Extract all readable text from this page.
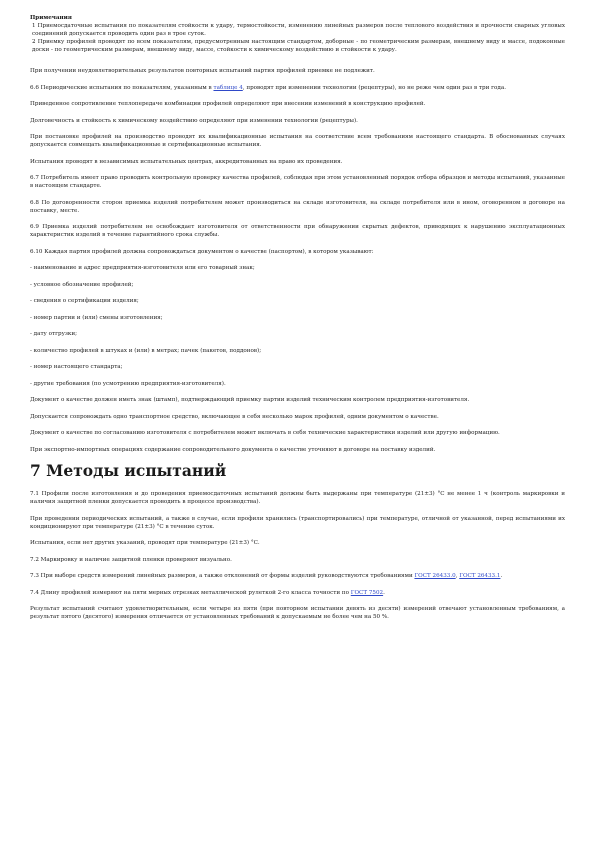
Примечания

1 Приемосдаточные испытания по показателям стойкости к удару, термостойкости, изменению линейных размеров после теплового воздействия и прочности сварных угловых соединений допускается проводить один раз в трое суток.

2 Приемку профилей проводят по всем показателям, предусмотренным настоящим стандартом, доборные - по геометрическим размерам, внешнему виду и массе, подоконные доски - по геометрическим размерам, внешнему виду, массе, стойкости к химическому воздействию и стойкости к удару.

При получении неудовлетворительных результатов повторных испытаний партия профилей приемке не подлежит.

6.6 Периодические испытания по показателям, указанным в таблице 4, проводят при изменении технологии (рецептуры), но не реже чем один раз в три года.

Приведенное сопротивление теплопередаче комбинации профилей определяют при внесении изменений в конструкцию профилей.

Долговечность и стойкость к химическому воздействию определяют при изменении технологии (рецептуры).

При постановке профилей на производство проводят их квалификационные испытания на соответствие всем требованиям настоящего стандарта. В обоснованных случаях допускается совмещать квалификационные и сертификационные испытания.

Испытания проводят в независимых испытательных центрах, аккредитованных на право их проведения.

6.7 Потребитель имеет право проводить контрольную проверку качества профилей, соблюдая при этом установленный порядок отбора образцов и методы испытаний, указанные в настоящем стандарте.

6.8 По договоренности сторон приемка изделий потребителем может производиться на складе изготовителя, на складе потребителя или в ином, оговоренном в договоре на поставку, месте.

6.9 Приемка изделий потребителем не освобождает изготовителя от ответственности при обнаружении скрытых дефектов, приводящих к нарушению эксплуатационных характеристик изделий в течение гарантийного срока службы.

6.10 Каждая партия профилей должна сопровождаться документом о качестве (паспортом), в котором указывают:

- наименование и адрес предприятия-изготовителя или его товарный знак;

- условное обозначение профилей;

- сведения о сертификации изделия;

- номер партии и (или) смены изготовления;

- дату отгрузки;

- количество профилей в штуках и (или) в метрах; пачек (пакетов, поддонов);

- номер настоящего стандарта;

- другие требования (по усмотрению предприятия-изготовителя).

Документ о качестве должен иметь знак (штамп), подтверждающий приемку партии изделий техническим контролем предприятия-изготовителя.

Допускается сопровождать одно транспортное средство, включающее в себя несколько марок профилей, одним документом о качестве.

Документ о качестве по согласованию изготовителя с потребителем может включать в себя технические характеристики изделий или другую информацию.

При экспортно-импортных операциях содержание сопроводительного документа о качестве уточняют в договоре на поставку изделий.

7 Методы испытаний

7.1 Профили после изготовления и до проведения приемосдаточных испытаний должны быть выдержаны при температуре (21±3) °С не менее 1 ч (контроль маркировки и наличия защитной пленки допускается проводить в процессе производства).

При проведении периодических испытаний, а также в случае, если профили хранились (транспортировались) при температуре, отличной от указанной, перед испытаниями их кондиционируют при температуре (21±3) °С в течение суток.

Испытания, если нет других указаний, проводят при температуре (21±3) °С.

7.2 Маркировку и наличие защитной пленки проверяют визуально.

7.3 При выборе средств измерений линейных размеров, а также отклонений от формы изделий руководствуются требованиями ГОСТ 26433.0, ГОСТ 26433.1.

7.4 Длину профилей измеряют на пяти мерных отрезках металлической рулеткой 2-го класса точности по ГОСТ 7502.

Результат испытаний считают удовлетворительным, если четыре из пяти (при повторном испытании девять из десяти) измерений отвечают установленным требованиям, а результат пятого (десятого) измерения отличается от установленных требований к допускаемым не более чем на 50 %.
